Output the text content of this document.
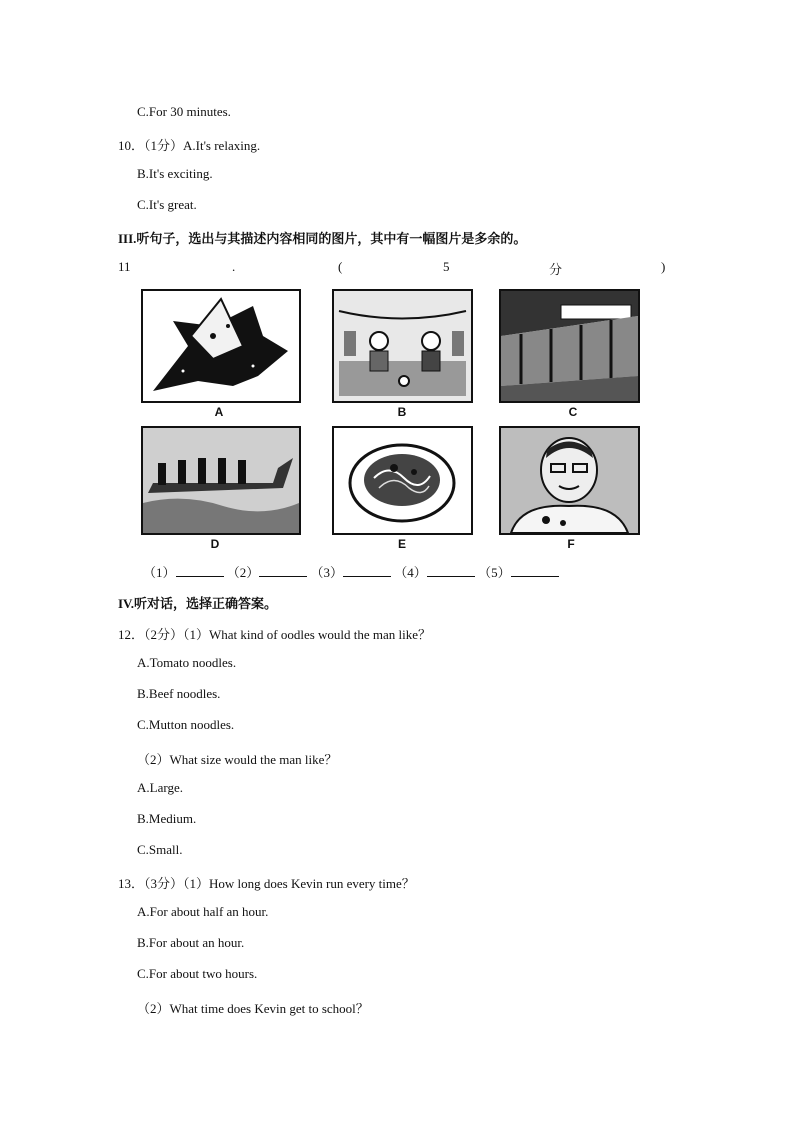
C.For 30 minutes.
10．（1分）A.It's relaxing.
B.It's exciting.
C.It's great.
III.听句子，选出与其描述内容相同的图片，其中有一幅图片是多余的。
11	.	(	5	分	)
A	B	C
D	E	F
（1）	（2）	（3）	（4）	（5）
IV.听对话，选择正确答案。
12．（2分）（1）What kind of oodles would the man like？
A.Tomato noodles.
B.Beef noodles.
C.Mutton noodles.
（2）What size would the man like？
A.Large.
B.Medium.
C.Small.
13．（3分）（1）How long does Kevin run every time？
A.For about half an hour.
B.For about an hour.
C.For about two hours.
（2）What time does Kevin get to school？
